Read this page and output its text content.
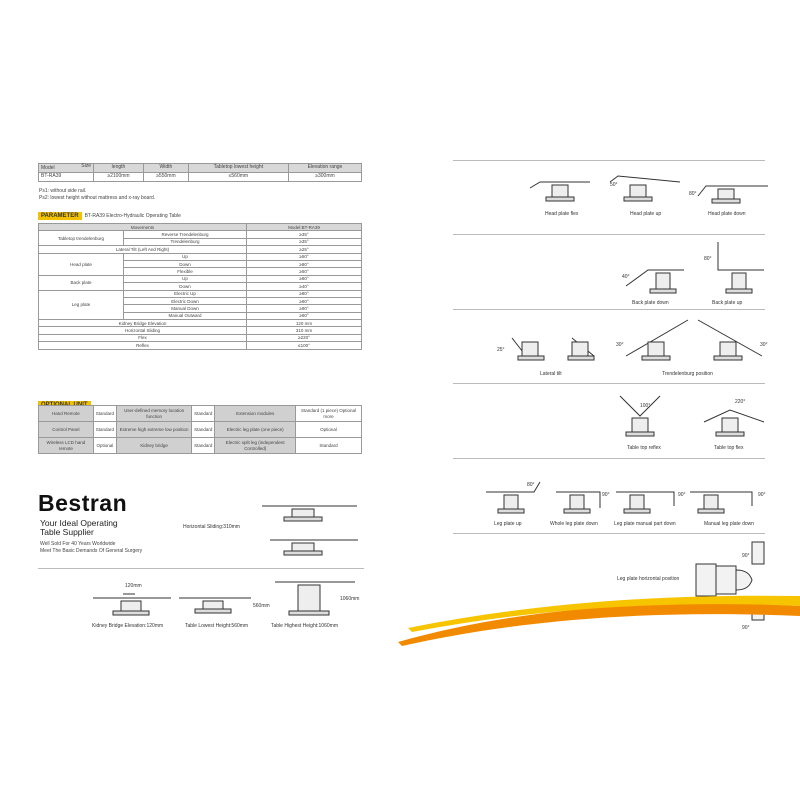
Model Size	length	Width	Tabletop lowest height	Elevation range
BT-RA39	≥2100mm	≥550mm	≤560mm	≥300mm
Ps1: without side rail.
Ps2: lowest height without mattress and x-ray board.
PARAMETER	BT-RA39 Electro-Hydraulic Operating Table
Movements		Model:BT-RA39
Tabletop trendelenburg	Reverse Trendelenburg	≥35°
	Trendelenburg	≥35°
Lateral Tilt (Left And Right)		≥25°
Head plate	Up	≥50°
	Down	≥80°
	Flexible	≥50°
Back plate	Up	≥80°
	Down	≥40°
Leg plate	Electric Up	≥80°
	Electric Down	≥90°
	Manual Down	≥90°
	Manual Outward	≥90°
Kidney Bridge Elevation		120 mm
Horizontal Sliding		310 mm
Flex		≥220°
Reflex		≤100°
Hand Remote	Standard	User-defined memory location function	Standard	Extension modules	Standard (1 piece) Optional more
Control Panel	Standard	Extreme high extreme low position	Standard	Electric leg plate (one piece)	Optional
Wireless LCD hand remote	Optional	Kidney bridge	Standard	Electric split leg (independent Controlled)	Standard
Bestran
Your Ideal Operating
Table Supplier
Well Sold For 40 Years Worldwide
Meet The Basic Demands Of General Surgery
Horizontal Sliding:310mm
120mm
560mm
1060mm
Kidney Bridge Elevation:120mm	Table Lowest Height:560mm	Table Highest Height:1060mm
50°
80°
Head plate flex	Head plate up	Head plate down
40°
80°
Back plate down	Back plate up
25°
30°	30°
Lateral tilt	Trendelenburg position
100°
220°
Table top reflex	Table top flex
80°
90°	90°	90°
Leg plate up	Whole leg plate down	Leg plate manual part down	Manual leg plate down
90°
90°
Leg plate horizontal position
